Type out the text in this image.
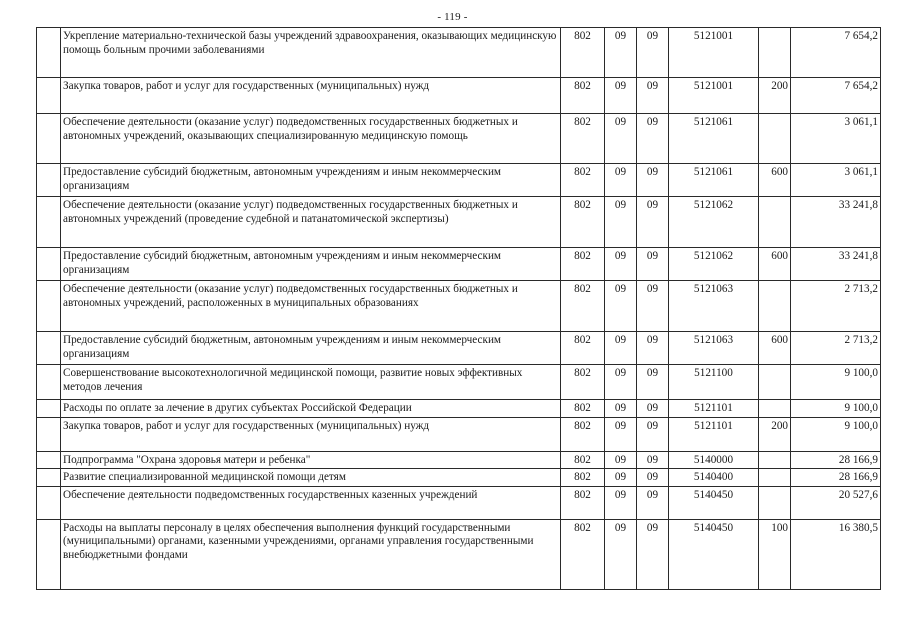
- 119 -
	Укрепление материально-технической базы учреждений здравоохранения, оказывающих медицинскую помощь больным прочими заболеваниями	802	09	09	5121001		7 654,2
	Закупка товаров, работ и услуг для государственных (муниципальных) нужд	802	09	09	5121001	200	7 654,2
	Обеспечение деятельности (оказание услуг) подведомственных государственных бюджетных и автономных учреждений, оказывающих специализированную медицинскую помощь	802	09	09	5121061		3 061,1
	Предоставление субсидий бюджетным, автономным учреждениям и иным некоммерческим организациям	802	09	09	5121061	600	3 061,1
	Обеспечение деятельности (оказание услуг) подведомственных государственных бюджетных и автономных учреждений (проведение судебной и патанатомической экспертизы)	802	09	09	5121062		33 241,8
	Предоставление субсидий бюджетным, автономным учреждениям и иным некоммерческим организациям	802	09	09	5121062	600	33 241,8
	Обеспечение деятельности (оказание услуг) подведомственных государственных бюджетных и автономных учреждений, расположенных в муниципальных образованиях	802	09	09	5121063		2 713,2
	Предоставление субсидий бюджетным, автономным учреждениям и иным некоммерческим организациям	802	09	09	5121063	600	2 713,2
	Совершенствование высокотехнологичной медицинской помощи, развитие новых эффективных методов лечения	802	09	09	5121100		9 100,0
	Расходы по оплате за лечение в других субъектах Российской Федерации	802	09	09	5121101		9 100,0
	Закупка товаров, работ и услуг для государственных (муниципальных) нужд	802	09	09	5121101	200	9 100,0
	Подпрограмма "Охрана здоровья матери и ребенка"	802	09	09	5140000		28 166,9
	Развитие специализированной медицинской помощи детям	802	09	09	5140400		28 166,9
	Обеспечение деятельности подведомственных государственных казенных учреждений	802	09	09	5140450		20 527,6
	Расходы на выплаты персоналу в целях обеспечения выполнения функций государственными (муниципальными) органами, казенными учреждениями, органами управления государственными внебюджетными фондами	802	09	09	5140450	100	16 380,5
